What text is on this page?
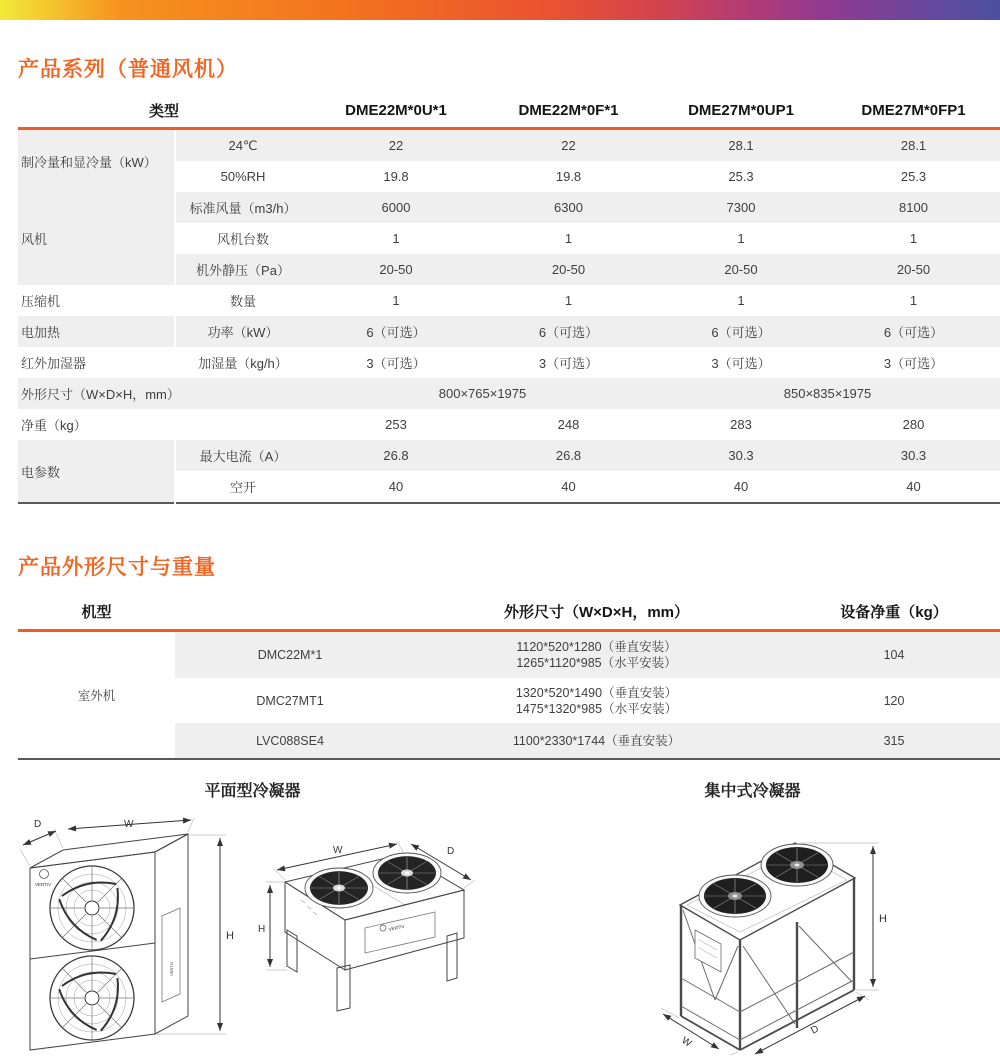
产品系列（普通风机）
类型		DME22M*0U*1	DME22M*0F*1	DME27M*0UP1	DME27M*0FP1
制冷量和显冷量（kW）	24℃	22	22	28.1	28.1
	50%RH	19.8	19.8	25.3	25.3
风机	标准风量（m3/h）	6000	6300	7300	8100
	风机台数	1	1	1	1
	机外静压（Pa）	20-50	20-50	20-50	20-50
压缩机	数量	1	1	1	1
电加热	功率（kW）	6（可选）	6（可选）	6（可选）	6（可选）
红外加湿器	加湿量（kg/h）	3（可选）	3（可选）	3（可选）	3（可选）
外形尺寸（W×D×H，mm）		800×765×1975		850×835×1975	
净重（kg）		253	248	283	280
电参数	最大电流（A）	26.8	26.8	30.3	30.3
	空开	40	40	40	40
产品外形尺寸与重量
机型		外形尺寸（W×D×H，mm）	设备净重（kg）
室外机	DMC22M*1	1120*520*1280（垂直安装）
1265*1120*985（水平安装）	104
	DMC27MT1	1320*520*1490（垂直安装）
1475*1320*985（水平安装）	120
	LVC088SE4	1100*2330*1744（垂直安装）	315
平面型冷凝器
VERTIV
VERTIV
D	W
H
VERTIV
H
W	D
集中式冷凝器
H
W
D
